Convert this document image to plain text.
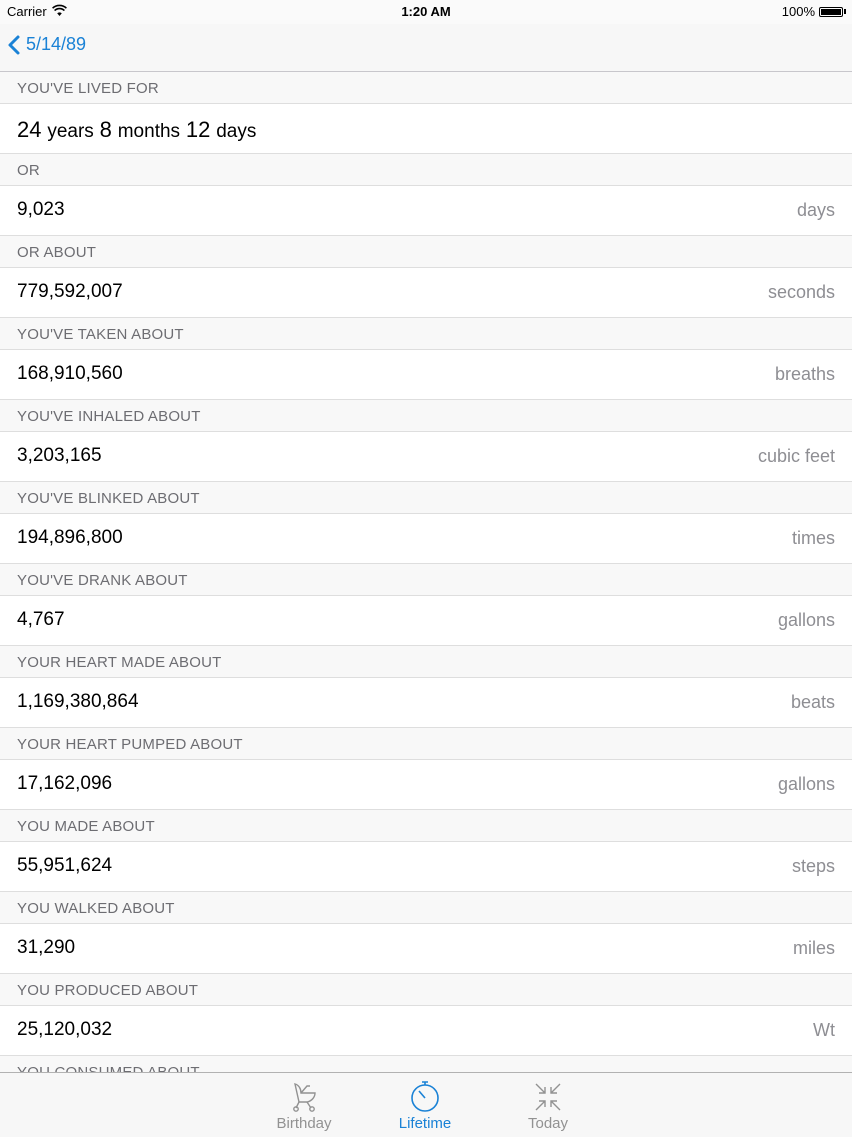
Carrier	1:20 AM	100%
5/14/89
YOU'VE LIVED FOR
24 years 8 months 12 days
OR
9,023	days
OR ABOUT
779,592,007	seconds
YOU'VE TAKEN ABOUT
168,910,560	breaths
YOU'VE INHALED ABOUT
3,203,165	cubic feet
YOU'VE BLINKED ABOUT
194,896,800	times
YOU'VE DRANK ABOUT
4,767	gallons
YOUR HEART MADE ABOUT
1,169,380,864	beats
YOUR HEART PUMPED ABOUT
17,162,096	gallons
YOU MADE ABOUT
55,951,624	steps
YOU WALKED ABOUT
31,290	miles
YOU PRODUCED ABOUT
25,120,032	Wt
Birthday	Lifetime	Today
